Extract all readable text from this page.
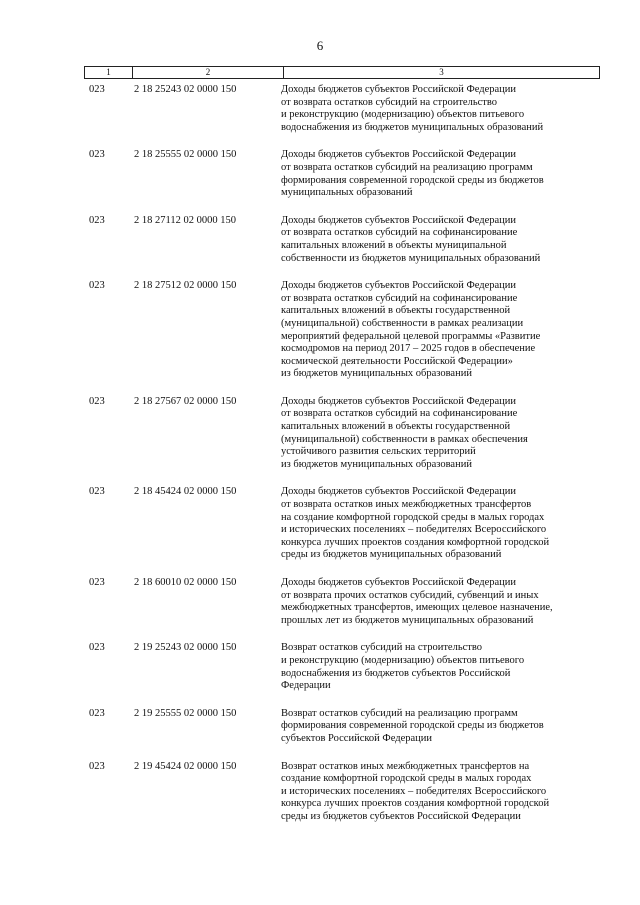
6
1	2	3
023	2 18 25243 02 0000 150	Доходы бюджетов субъектов Российской Федерации
от возврата остатков субсидий на строительство
и реконструкцию (модернизацию) объектов питьевого
водоснабжения из бюджетов муниципальных образований
023	2 18 25555 02 0000 150	Доходы бюджетов субъектов Российской Федерации
от возврата остатков субсидий на реализацию программ
формирования современной городской среды из бюджетов
муниципальных образований
023	2 18 27112 02 0000 150	Доходы бюджетов субъектов Российской Федерации
от возврата остатков субсидий на софинансирование
капитальных вложений в объекты муниципальной
собственности из бюджетов муниципальных образований
023	2 18 27512 02 0000 150	Доходы бюджетов субъектов Российской Федерации
от возврата остатков субсидий на софинансирование
капитальных вложений в объекты государственной
(муниципальной) собственности в рамках реализации
мероприятий федеральной целевой программы «Развитие
космодромов на период 2017 – 2025 годов в обеспечение
космической деятельности Российской Федерации»
из бюджетов муниципальных образований
023	2 18 27567 02 0000 150	Доходы бюджетов субъектов Российской Федерации
от возврата остатков субсидий на софинансирование
капитальных вложений в объекты государственной
(муниципальной) собственности в рамках обеспечения
устойчивого развития сельских территорий
из бюджетов муниципальных образований
023	2 18 45424 02 0000 150	Доходы бюджетов субъектов Российской Федерации
от возврата остатков иных межбюджетных трансфертов
на создание комфортной городской среды в малых городах
и исторических поселениях – победителях Всероссийского
конкурса лучших проектов создания комфортной городской
среды из бюджетов муниципальных образований
023	2 18 60010 02 0000 150	Доходы бюджетов субъектов Российской Федерации
от возврата прочих остатков субсидий, субвенций и иных
межбюджетных трансфертов, имеющих целевое назначение,
прошлых лет из бюджетов муниципальных образований
023	2 19 25243 02 0000 150	Возврат остатков субсидий на строительство
и реконструкцию (модернизацию) объектов питьевого
водоснабжения из бюджетов субъектов Российской
Федерации
023	2 19 25555 02 0000 150	Возврат остатков субсидий на реализацию программ
формирования современной городской среды из бюджетов
субъектов Российской Федерации
023	2 19 45424 02 0000 150	Возврат остатков иных межбюджетных трансфертов на
создание комфортной городской среды в малых городах
и исторических поселениях – победителях Всероссийского
конкурса лучших проектов создания комфортной городской
среды из бюджетов субъектов Российской Федерации
